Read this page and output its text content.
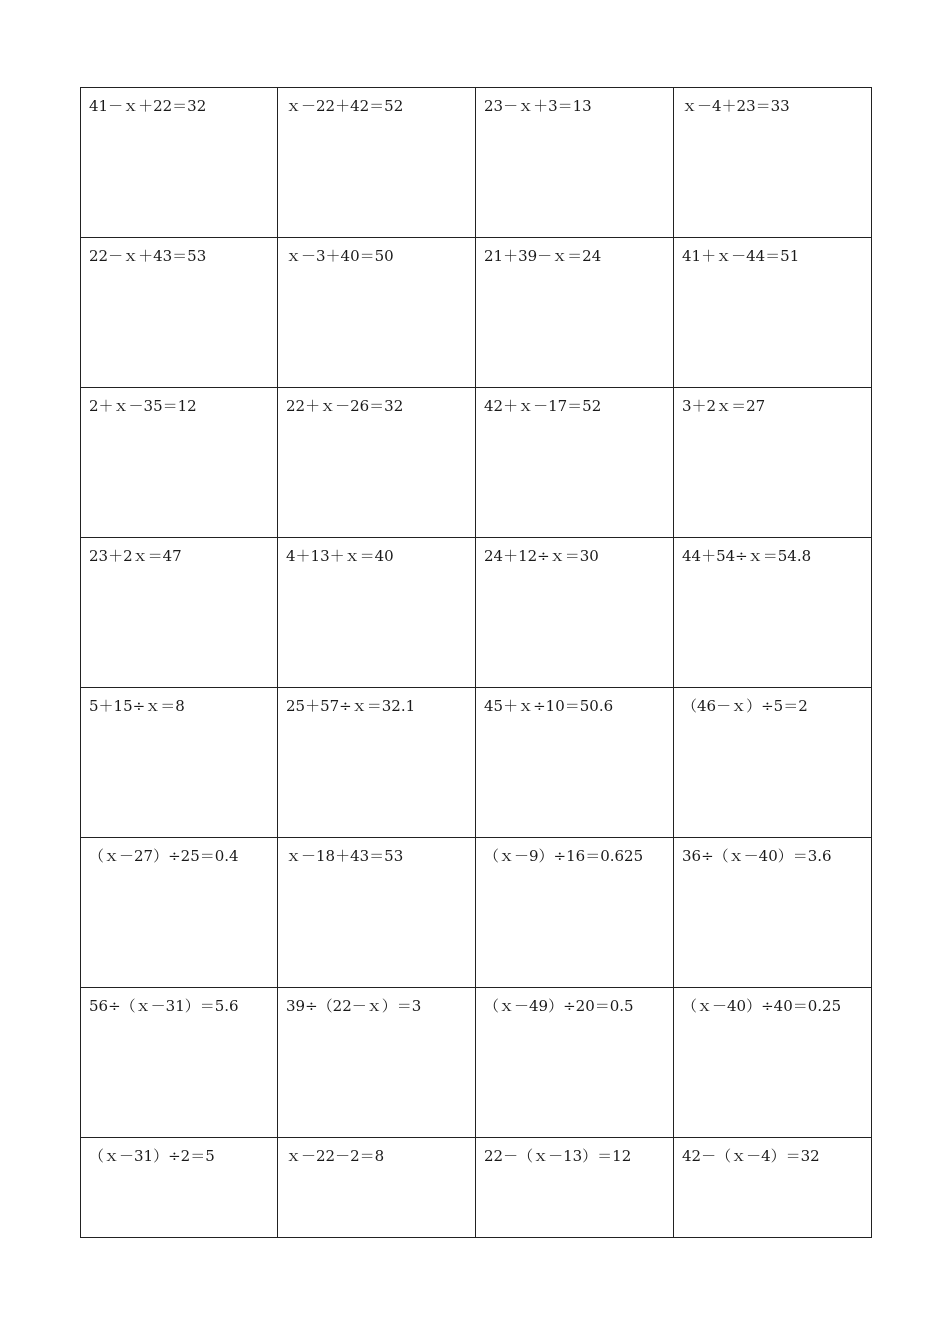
41－ｘ＋22＝32	ｘ－22＋42＝52	23－ｘ＋3＝13	ｘ－4＋23＝33
22－ｘ＋43＝53	ｘ－3＋40＝50	21＋39－ｘ＝24	41＋ｘ－44＝51
2＋ｘ－35＝12	22＋ｘ－26＝32	42＋ｘ－17＝52	3＋2ｘ＝27
23＋2ｘ＝47	4＋13＋ｘ＝40	24＋12÷ｘ＝30	44＋54÷ｘ＝54.8
5＋15÷ｘ＝8	25＋57÷ｘ＝32.1	45＋ｘ÷10＝50.6	（46－ｘ）÷5＝2
（ｘ－27）÷25＝0.4	ｘ－18＋43＝53	（ｘ－9）÷16＝0.625	36÷（ｘ－40）＝3.6
56÷（ｘ－31）＝5.6	39÷（22－ｘ）＝3	（ｘ－49）÷20＝0.5	（ｘ－40）÷40＝0.25
（ｘ－31）÷2＝5	ｘ－22－2＝8	22－（ｘ－13）＝12	42－（ｘ－4）＝32
